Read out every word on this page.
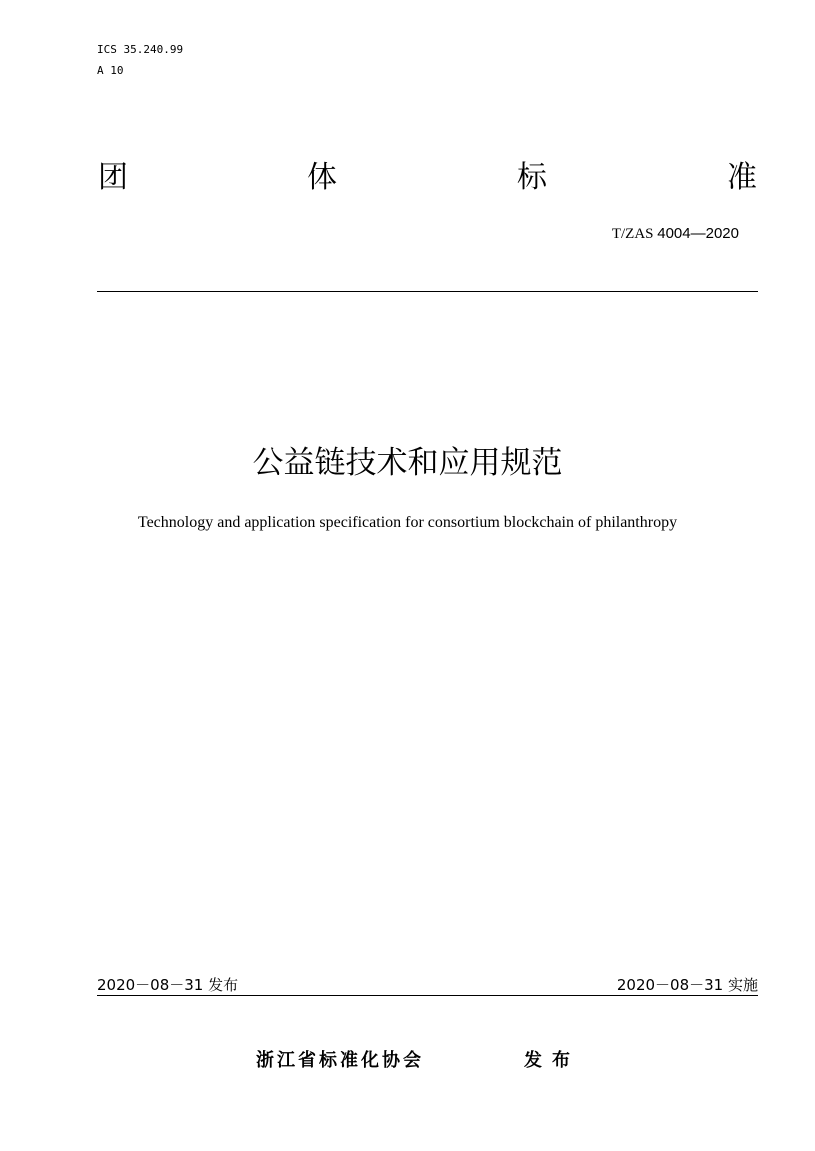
ICS 35.240.99
A 10
团	体	标	准
T/ZAS 4004—2020
公益链技术和应用规范
Technology and application specification for consortium blockchain of philanthropy
2020－08－31 发布	2020－08－31 实施
浙江省标准化协会	发布
